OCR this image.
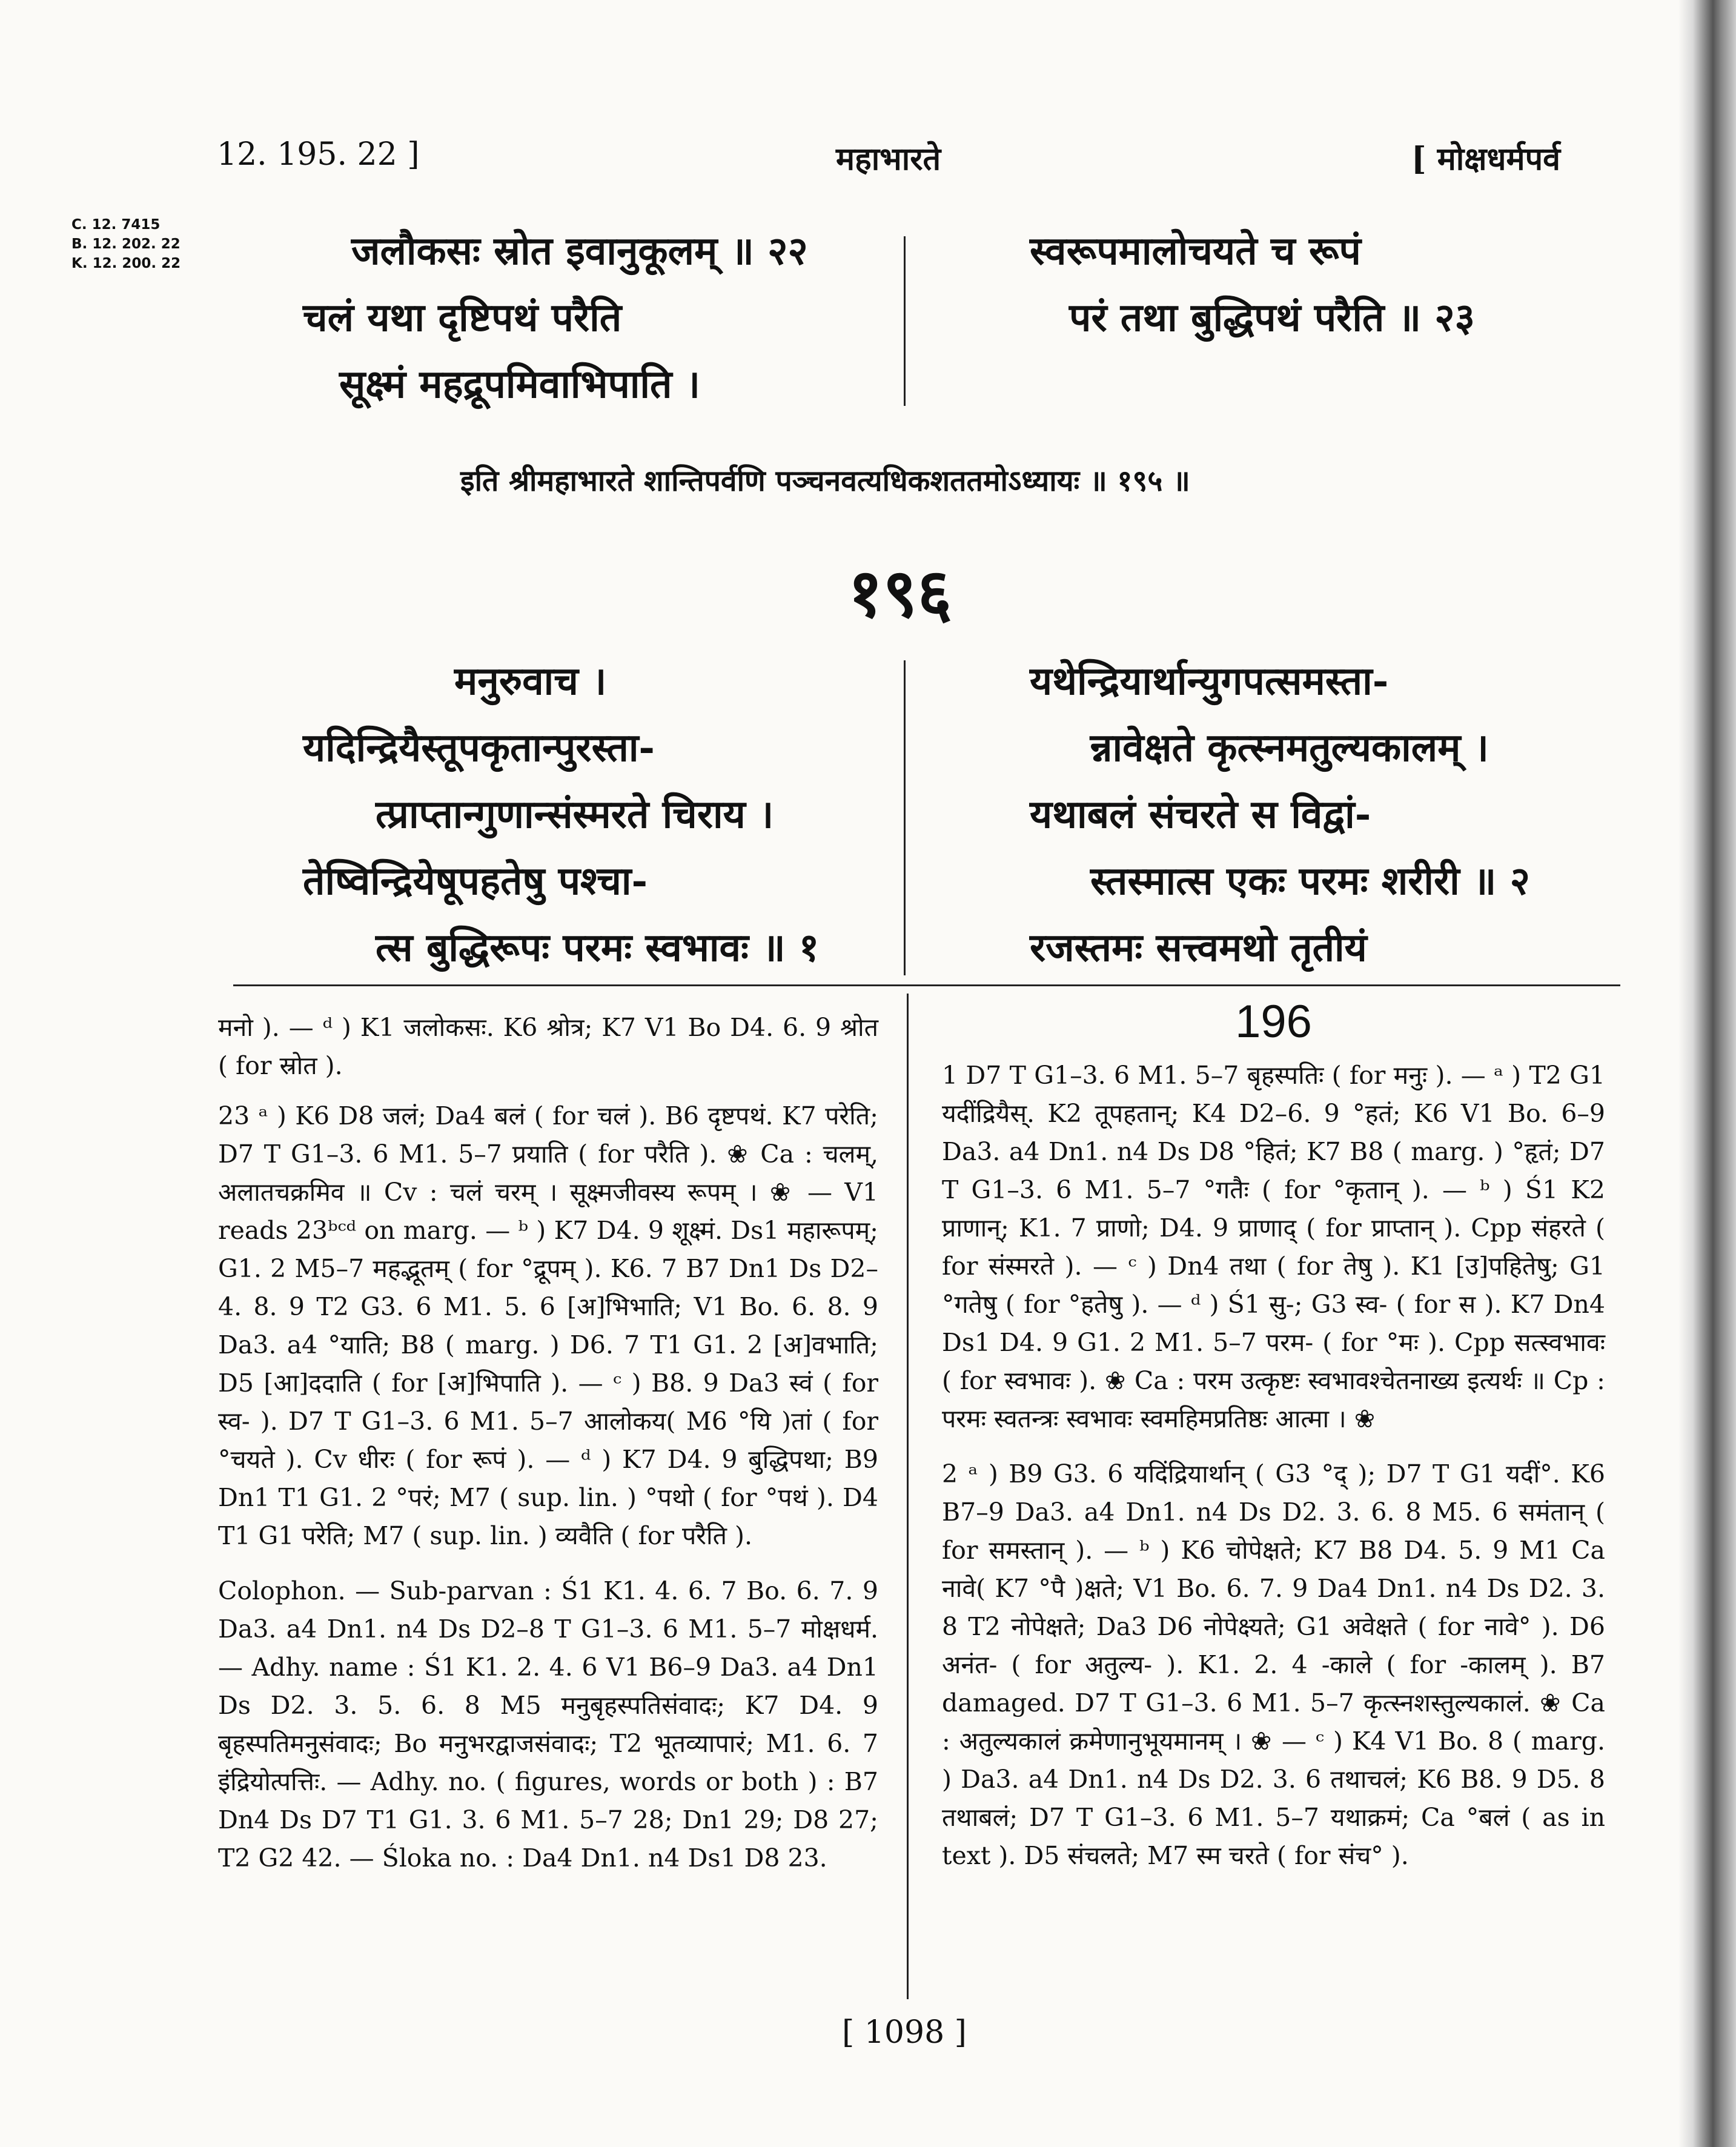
12. 195. 22 ]	महाभारते	[ मोक्षधर्मपर्व
C. 12. 7415
B. 12. 202. 22
K. 12. 200. 22	जलौकसः स्रोत इवानुकूलम् ॥ २२
चलं यथा दृष्टिपथं परैति
सूक्ष्मं महद्रूपमिवाभिपाति ।
स्वरूपमालोचयते च रूपं
परं तथा बुद्धिपथं परैति ॥ २३
इति श्रीमहाभारते शान्तिपर्वणि पञ्चनवत्यधिकशततमोऽध्यायः ॥ १९५ ॥
१९६
मनुरुवाच ।
यदिन्द्रियैस्तूपकृतान्पुरस्ता-
त्प्राप्तान्गुणान्संस्मरते चिराय ।
तेष्विन्द्रियेषूपहतेषु पश्चा-
त्स बुद्धिरूपः परमः स्वभावः ॥ १
यथेन्द्रियार्थान्युगपत्समस्ता-
न्नावेक्षते कृत्स्नमतुल्यकालम् ।
यथाबलं संचरते स विद्वां-
स्तस्मात्स एकः परमः शरीरी ॥ २
रजस्तमः सत्त्वमथो तृतीयं

मनो ). — ᵈ ) K1 जलोकसः. K6 श्रोत्र; K7 V1 Bo D4. 6. 9 श्रोत ( for स्रोत ).

23 ᵃ ) K6 D8 जलं; Da4 बलं ( for चलं ). B6 दृष्टपथं. K7 परेति; D7 T G1–3. 6 M1. 5–7 प्रयाति ( for परैति ). ❀ Ca : चलम्, अलातचक्रमिव ॥ Cv : चलं चरम् । सूक्ष्मजीवस्य रूपम् । ❀ — V1 reads 23ᵇᶜᵈ on marg. — ᵇ ) K7 D4. 9 शूक्ष्मं. Ds1 महारूपम्; G1. 2 M5–7 महद्भूतम् ( for °द्रूपम् ). K6. 7 B7 Dn1 Ds D2–4. 8. 9 T2 G3. 6 M1. 5. 6 [अ]भिभाति; V1 Bo. 6. 8. 9 Da3. a4 °याति; B8 ( marg. ) D6. 7 T1 G1. 2 [अ]वभाति; D5 [आ]ददाति ( for [अ]भिपाति ). — ᶜ ) B8. 9 Da3 स्वं ( for स्व- ). D7 T G1–3. 6 M1. 5–7 आलोकय( M6 °यि )तां ( for °चयते ). Cv धीरः ( for रूपं ). — ᵈ ) K7 D4. 9 बुद्धिपथा; B9 Dn1 T1 G1. 2 °परं; M7 ( sup. lin. ) °पथो ( for °पथं ). D4 T1 G1 परेति; M7 ( sup. lin. ) व्यवैति ( for परैति ).

Colophon. — Sub-parvan : Ś1 K1. 4. 6. 7 Bo. 6. 7. 9 Da3. a4 Dn1. n4 Ds D2–8 T G1–3. 6 M1. 5–7 मोक्षधर्म. — Adhy. name : Ś1 K1. 2. 4. 6 V1 B6–9 Da3. a4 Dn1 Ds D2. 3. 5. 6. 8 M5 मनुबृहस्पतिसंवादः; K7 D4. 9 बृहस्पतिमनुसंवादः; Bo मनुभरद्वाजसंवादः; T2 भूतव्यापारं; M1. 6. 7 इंद्रियोत्पत्तिः. — Adhy. no. ( figures, words or both ) : B7 Dn4 Ds D7 T1 G1. 3. 6 M1. 5–7 28; Dn1 29; D8 27; T2 G2 42. — Śloka no. : Da4 Dn1. n4 Ds1 D8 23.

196

1 D7 T G1–3. 6 M1. 5–7 बृहस्पतिः ( for मनुः ). — ᵃ ) T2 G1 यदींद्रियैस्. K2 तूपहतान्; K4 D2–6. 9 °हतं; K6 V1 Bo. 6–9 Da3. a4 Dn1. n4 Ds D8 °हितं; K7 B8 ( marg. ) °हृतं; D7 T G1–3. 6 M1. 5–7 °गतैः ( for °कृतान् ). — ᵇ ) Ś1 K2 प्राणान्; K1. 7 प्राणो; D4. 9 प्राणाद् ( for प्राप्तान् ). Cpp संहरते ( for संस्मरते ). — ᶜ ) Dn4 तथा ( for तेषु ). K1 [उ]पहितेषु; G1 °गतेषु ( for °हतेषु ). — ᵈ ) Ś1 सु-; G3 स्व- ( for स ). K7 Dn4 Ds1 D4. 9 G1. 2 M1. 5–7 परम- ( for °मः ). Cpp सत्स्वभावः ( for स्वभावः ). ❀ Ca : परम उत्कृष्टः स्वभावश्चेतनाख्य इत्यर्थः ॥ Cp : परमः स्वतन्त्रः स्वभावः स्वमहिमप्रतिष्ठः आत्मा । ❀

2 ᵃ ) B9 G3. 6 यदिंद्रियार्थान् ( G3 °द् ); D7 T G1 यदीं°. K6 B7–9 Da3. a4 Dn1. n4 Ds D2. 3. 6. 8 M5. 6 समंतान् ( for समस्तान् ). — ᵇ ) K6 चोपेक्षते; K7 B8 D4. 5. 9 M1 Ca नावे( K7 °पै )क्षते; V1 Bo. 6. 7. 9 Da4 Dn1. n4 Ds D2. 3. 8 T2 नोपेक्षते; Da3 D6 नोपेक्ष्यते; G1 अवेक्षते ( for नावे° ). D6 अनंत- ( for अतुल्य- ). K1. 2. 4 -काले ( for -कालम् ). B7 damaged. D7 T G1–3. 6 M1. 5–7 कृत्स्नशस्तुल्यकालं. ❀ Ca : अतुल्यकालं क्रमेणानुभूयमानम् । ❀ — ᶜ ) K4 V1 Bo. 8 ( marg. ) Da3. a4 Dn1. n4 Ds D2. 3. 6 तथाचलं; K6 B8. 9 D5. 8 तथाबलं; D7 T G1–3. 6 M1. 5–7 यथाक्रमं; Ca °बलं ( as in text ). D5 संचलते; M7 स्म चरते ( for संच° ).

[ 1098 ]
